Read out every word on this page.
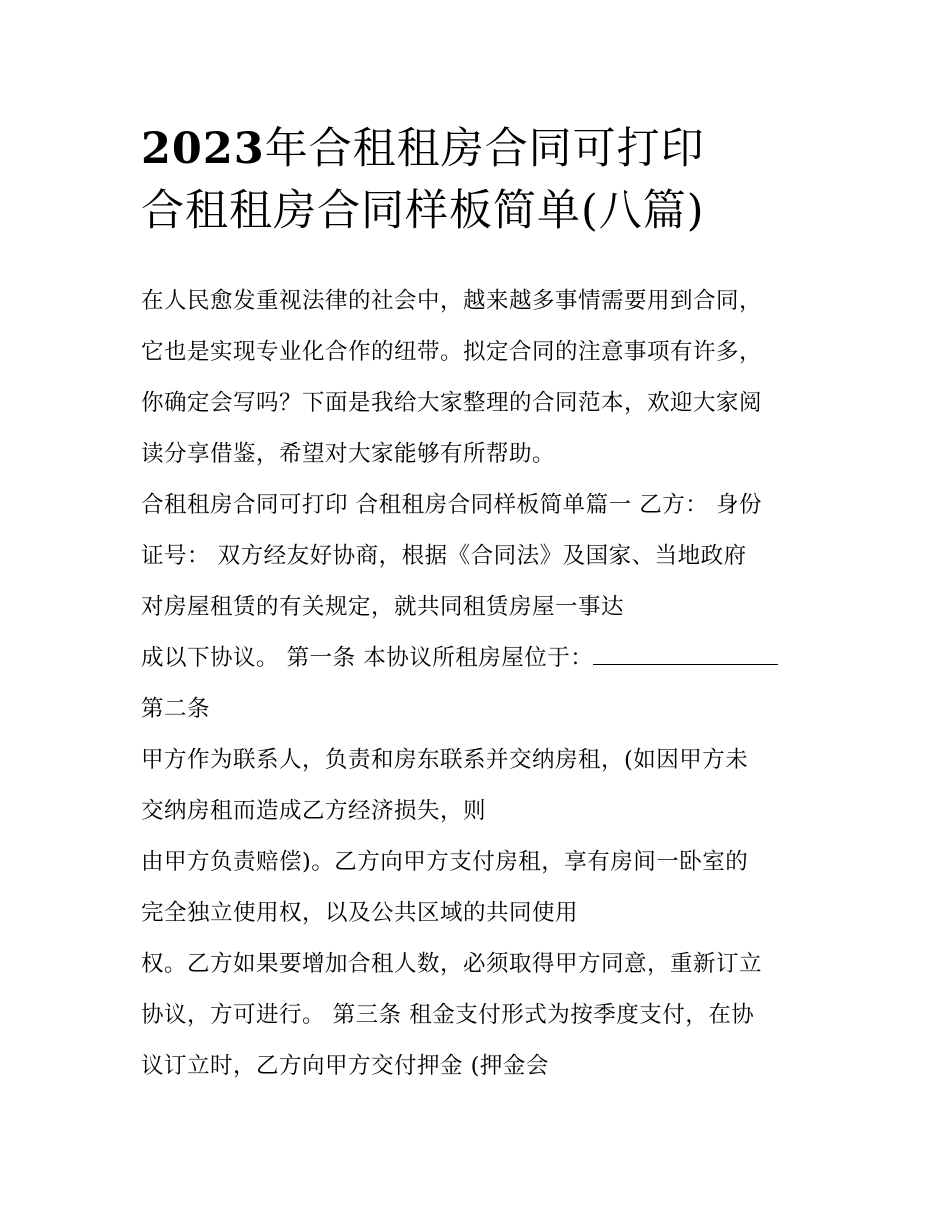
2023年合租租房合同可打印
合租租房合同样板简单(八篇)
在人民愈发重视法律的社会中，越来越多事情需要用到合同，
它也是实现专业化合作的纽带。拟定合同的注意事项有许多，
你确定会写吗？下面是我给大家整理的合同范本，欢迎大家阅
读分享借鉴，希望对大家能够有所帮助。
合租租房合同可打印 合租租房合同样板简单篇一 乙方： 身份
证号： 双方经友好协商，根据《合同法》及国家、当地政府
对房屋租赁的有关规定，就共同租赁房屋一事达
成以下协议。 第一条 本协议所租房屋位于：
第二条
甲方作为联系人，负责和房东联系并交纳房租，(如因甲方未
交纳房租而造成乙方经济损失，则
由甲方负责赔偿)。乙方向甲方支付房租，享有房间一卧室的
完全独立使用权，以及公共区域的共同使用
权。乙方如果要增加合租人数，必须取得甲方同意，重新订立
协议，方可进行。 第三条 租金支付形式为按季度支付，在协
议订立时，乙方向甲方交付押金 (押金会
